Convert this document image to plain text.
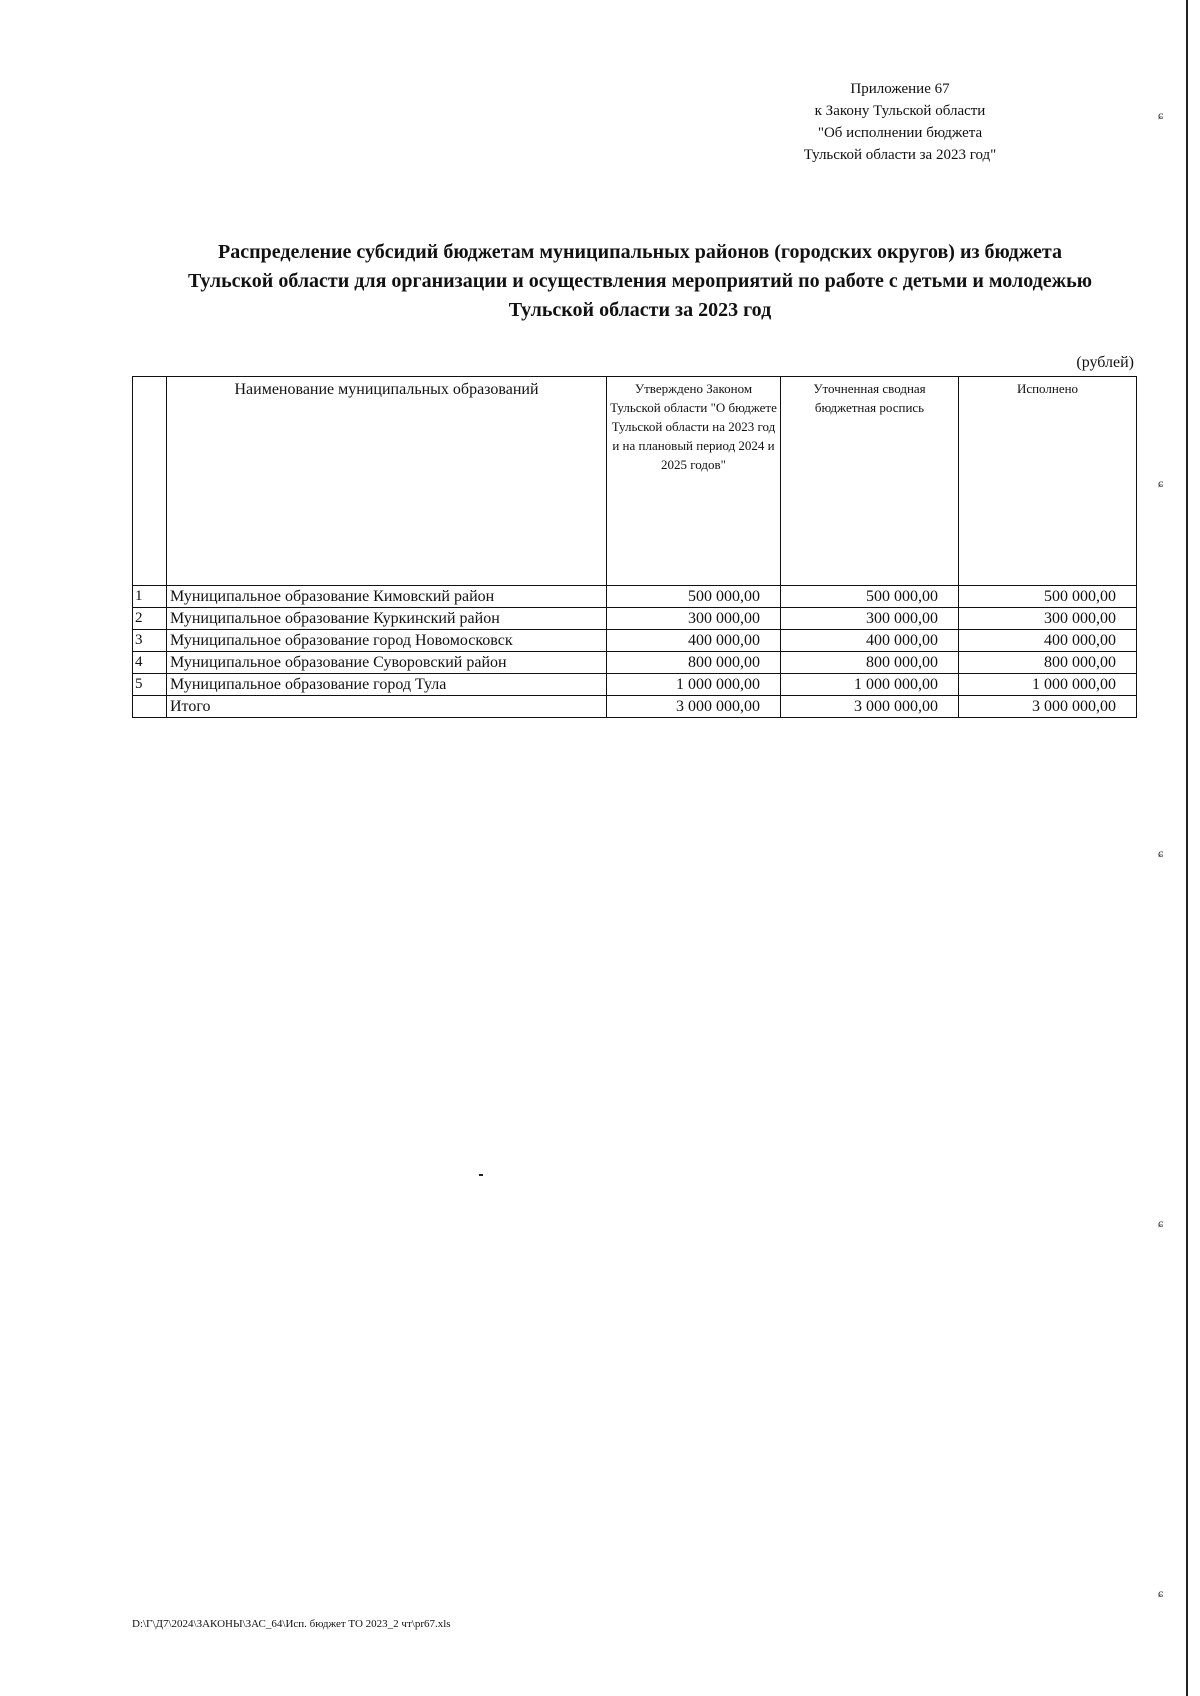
Приложение 67
к Закону Тульской области
"Об исполнении бюджета
Тульской области за 2023 год"
Распределение субсидий бюджетам муниципальных районов (городских округов) из бюджета
Тульской области для организации и осуществления мероприятий по работе с детьми и молодежью
Тульской области за 2023 год
(рублей)
	Наименование муниципальных образований	Утверждено Законом Тульской области "О бюджете Тульской области на 2023 год и на плановый период 2024 и 2025 годов"	Уточненная сводная бюджетная роспись	Исполнено
1	Муниципальное образование Кимовский район	500 000,00	500 000,00	500 000,00
2	Муниципальное образование Куркинский район	300 000,00	300 000,00	300 000,00
3	Муниципальное образование город Новомосковск	400 000,00	400 000,00	400 000,00
4	Муниципальное образование Суворовский район	800 000,00	800 000,00	800 000,00
5	Муниципальное образование город Тула	1 000 000,00	1 000 000,00	1 000 000,00
	Итого	3 000 000,00	3 000 000,00	3 000 000,00
D:\Г\Д7\2024\ЗАКОНЫ\ЗАС_64\Исп. бюджет ТО 2023_2 чт\pr67.xls
ɕ
ɕ
ɕ
ɕ
ɕ
